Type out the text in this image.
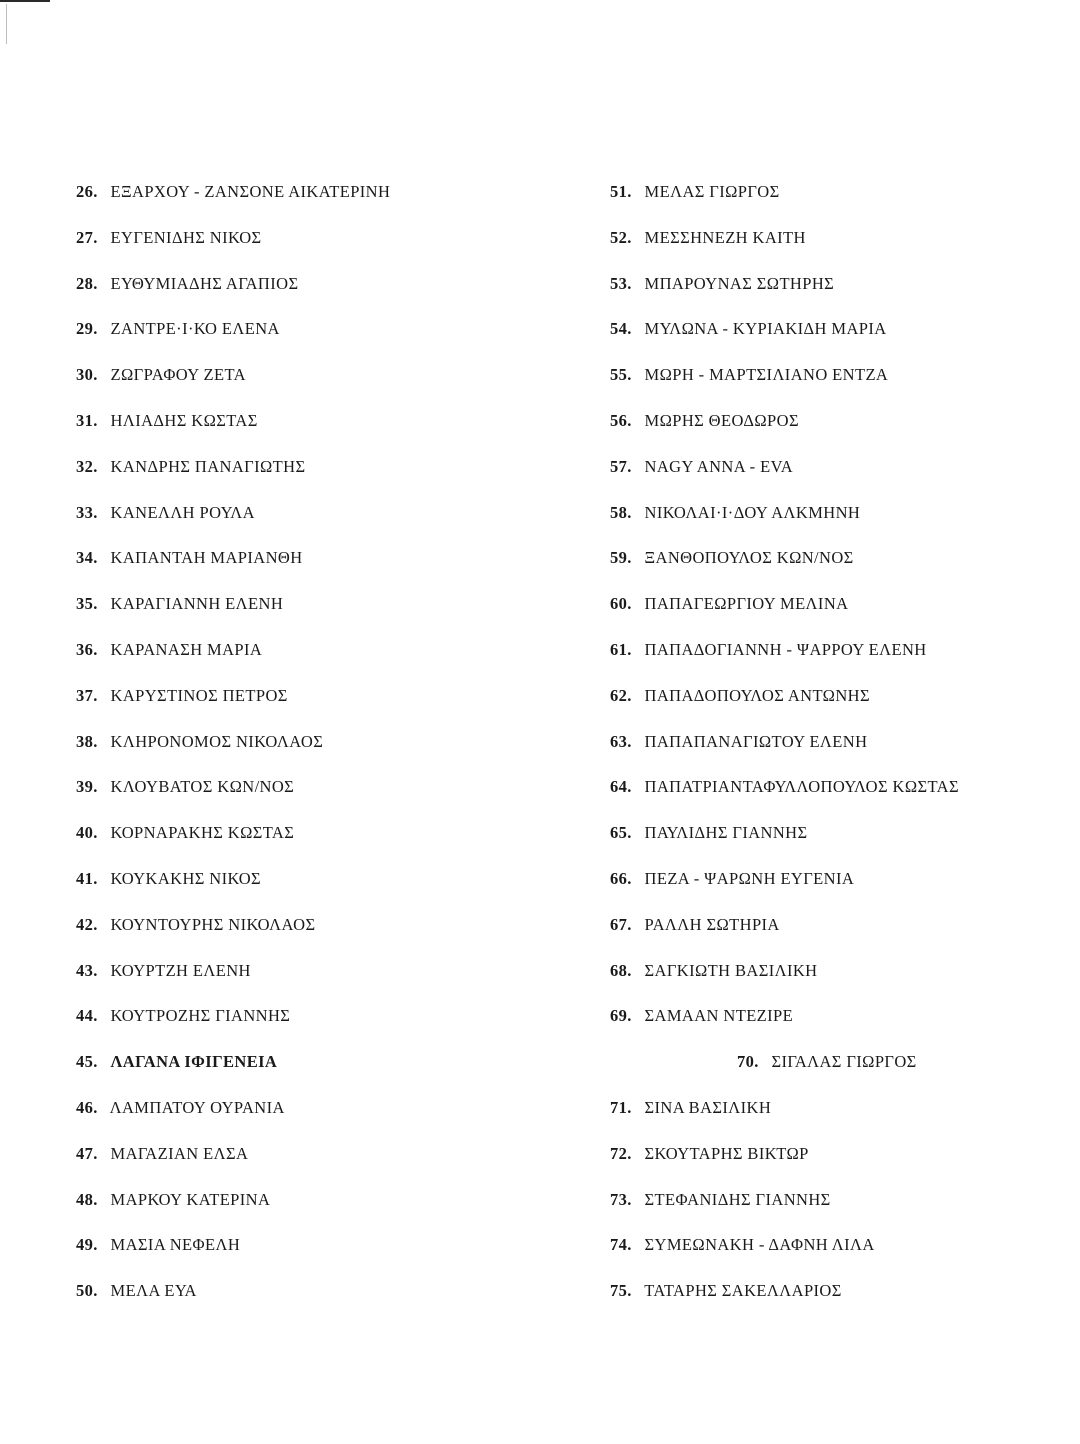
26. ΕΞΑΡΧΟΥ - ΖΑΝΣΟΝΕ ΑΙΚΑΤΕΡΙΝΗ
27. ΕΥΓΕΝΙΔΗΣ ΝΙΚΟΣ
28. ΕΥΘΥΜΙΑΔΗΣ ΑΓΑΠΙΟΣ
29. ΖΑΝΤΡΕ·Ι·ΚΟ ΕΛΕΝΑ
30. ΖΩΓΡΑΦΟΥ ΖΕΤΑ
31. ΗΛΙΑΔΗΣ ΚΩΣΤΑΣ
32. ΚΑΝΔΡΗΣ ΠΑΝΑΓΙΩΤΗΣ
33. ΚΑΝΕΛΛΗ ΡΟΥΛΑ
34. ΚΑΠΑΝΤΑΗ ΜΑΡΙΑΝΘΗ
35. ΚΑΡΑΓΙΑΝΝΗ ΕΛΕΝΗ
36. ΚΑΡΑΝΑΣΗ ΜΑΡΙΑ
37. ΚΑΡΥΣΤΙΝΟΣ ΠΕΤΡΟΣ
38. ΚΛΗΡΟΝΟΜΟΣ ΝΙΚΟΛΑΟΣ
39. ΚΛΟΥΒΑΤΟΣ ΚΩΝ/ΝΟΣ
40. ΚΟΡΝΑΡΑΚΗΣ ΚΩΣΤΑΣ
41. ΚΟΥΚΑΚΗΣ ΝΙΚΟΣ
42. ΚΟΥΝΤΟΥΡΗΣ ΝΙΚΟΛΑΟΣ
43. ΚΟΥΡΤΖΗ ΕΛΕΝΗ
44. ΚΟΥΤΡΟΖΗΣ ΓΙΑΝΝΗΣ
45. ΛΑΓΑΝΑ ΙΦΙΓΕΝΕΙΑ
46. ΛΑΜΠΑΤΟΥ ΟΥΡΑΝΙΑ
47. ΜΑΓΑΖΙΑΝ ΕΛΣΑ
48. ΜΑΡΚΟΥ ΚΑΤΕΡΙΝΑ
49. ΜΑΣΙΑ ΝΕΦΕΛΗ
50. ΜΕΛΑ ΕΥΑ
51. ΜΕΛΑΣ ΓΙΩΡΓΟΣ
52. ΜΕΣΣΗΝΕΖΗ ΚΑΙΤΗ
53. ΜΠΑΡΟΥΝΑΣ ΣΩΤΗΡΗΣ
54. ΜΥΛΩΝΑ - ΚΥΡΙΑΚΙΔΗ ΜΑΡΙΑ
55. ΜΩΡΗ - ΜΑΡΤΣΙΛΙΑΝΟ ΕΝΤΖΑ
56. ΜΩΡΗΣ ΘΕΟΔΩΡΟΣ
57. NAGY ANNA - EVA
58. ΝΙΚΟΛΑΙ·Ι·ΔΟΥ ΑΛΚΜΗΝΗ
59. ΞΑΝΘΟΠΟΥΛΟΣ ΚΩΝ/ΝΟΣ
60. ΠΑΠΑΓΕΩΡΓΙΟΥ ΜΕΛΙΝΑ
61. ΠΑΠΑΔΟΓΙΑΝΝΗ - ΨΑΡΡΟΥ ΕΛΕΝΗ
62. ΠΑΠΑΔΟΠΟΥΛΟΣ ΑΝΤΩΝΗΣ
63. ΠΑΠΑΠΑΝΑΓΙΩΤΟΥ ΕΛΕΝΗ
64. ΠΑΠΑΤΡΙΑΝΤΑΦΥΛΛΟΠΟΥΛΟΣ ΚΩΣΤΑΣ
65. ΠΑΥΛΙΔΗΣ ΓΙΑΝΝΗΣ
66. ΠΕΖΑ - ΨΑΡΩΝΗ ΕΥΓΕΝΙΑ
67. ΡΑΛΛΗ ΣΩΤΗΡΙΑ
68. ΣΑΓΚΙΩΤΗ ΒΑΣΙΛΙΚΗ
69. ΣΑΜΑΑΝ ΝΤΕΖΙΡΕ
70. ΣΙΓΑΛΑΣ ΓΙΩΡΓΟΣ
71. ΣΙΝΑ ΒΑΣΙΛΙΚΗ
72. ΣΚΟΥΤΑΡΗΣ ΒΙΚΤΩΡ
73. ΣΤΕΦΑΝΙΔΗΣ ΓΙΑΝΝΗΣ
74. ΣΥΜΕΩΝΑΚΗ - ΔΑΦΝΗ ΛΙΛΑ
75. ΤΑΤΑΡΗΣ ΣΑΚΕΛΛΑΡΙΟΣ
